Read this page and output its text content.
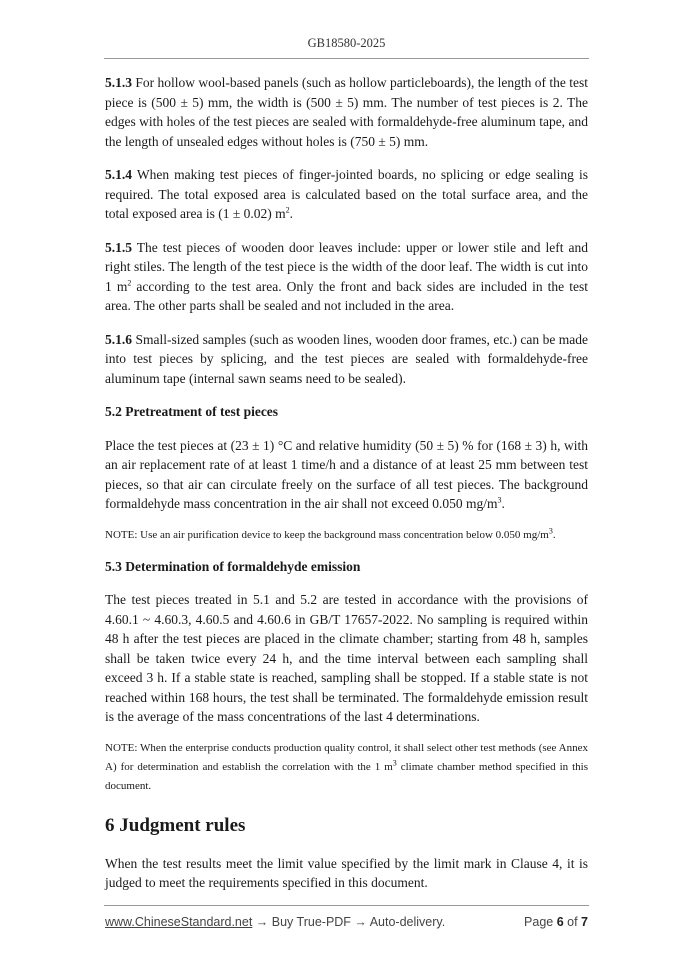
GB18580-2025

5.1.3 For hollow wool-based panels (such as hollow particleboards), the length of the test piece is (500 ± 5) mm, the width is (500 ± 5) mm. The number of test pieces is 2. The edges with holes of the test pieces are sealed with formaldehyde-free aluminum tape, and the length of unsealed edges without holes is (750 ± 5) mm.

5.1.4 When making test pieces of finger-jointed boards, no splicing or edge sealing is required. The total exposed area is calculated based on the total surface area, and the total exposed area is (1 ± 0.02) $m^2$.

5.1.5 The test pieces of wooden door leaves include: upper or lower stile and left and right stiles. The length of the test piece is the width of the door leaf. The width is cut into 1 $m^2$ according to the test area. Only the front and back sides are included in the test area. The other parts shall be sealed and not included in the area.

5.1.6 Small-sized samples (such as wooden lines, wooden door frames, etc.) can be made into test pieces by splicing, and the test pieces are sealed with formaldehyde-free aluminum tape (internal sawn seams need to be sealed).

5.2 Pretreatment of test pieces

Place the test pieces at (23 ± 1) °C and relative humidity (50 ± 5) % for (168 ± 3) h, with an air replacement rate of at least 1 time/h and a distance of at least 25 mm between test pieces, so that air can circulate freely on the surface of all test pieces. The background formaldehyde mass concentration in the air shall not exceed 0.050 $mg/m^3$.

NOTE: Use an air purification device to keep the background mass concentration below 0.050 $mg/m^3$.

5.3 Determination of formaldehyde emission

The test pieces treated in 5.1 and 5.2 are tested in accordance with the provisions of 4.60.1 ~ 4.60.3, 4.60.5 and 4.60.6 in GB/T 17657-2022. No sampling is required within 48 h after the test pieces are placed in the climate chamber; starting from 48 h, samples shall be taken twice every 24 h, and the time interval between each sampling shall exceed 3 h. If a stable state is reached, sampling shall be stopped. If a stable state is not reached within 168 hours, the test shall be terminated. The formaldehyde emission result is the average of the mass concentrations of the last 4 determinations.

NOTE: When the enterprise conducts production quality control, it shall select other test methods (see Annex A) for determination and establish the correlation with the 1 $m^3$ climate chamber method specified in this document.

6 Judgment rules

When the test results meet the limit value specified by the limit mark in Clause 4, it is judged to meet the requirements specified in this document.

www.ChineseStandard.net → Buy True-PDF → Auto-delivery.	Page 6 of 7
